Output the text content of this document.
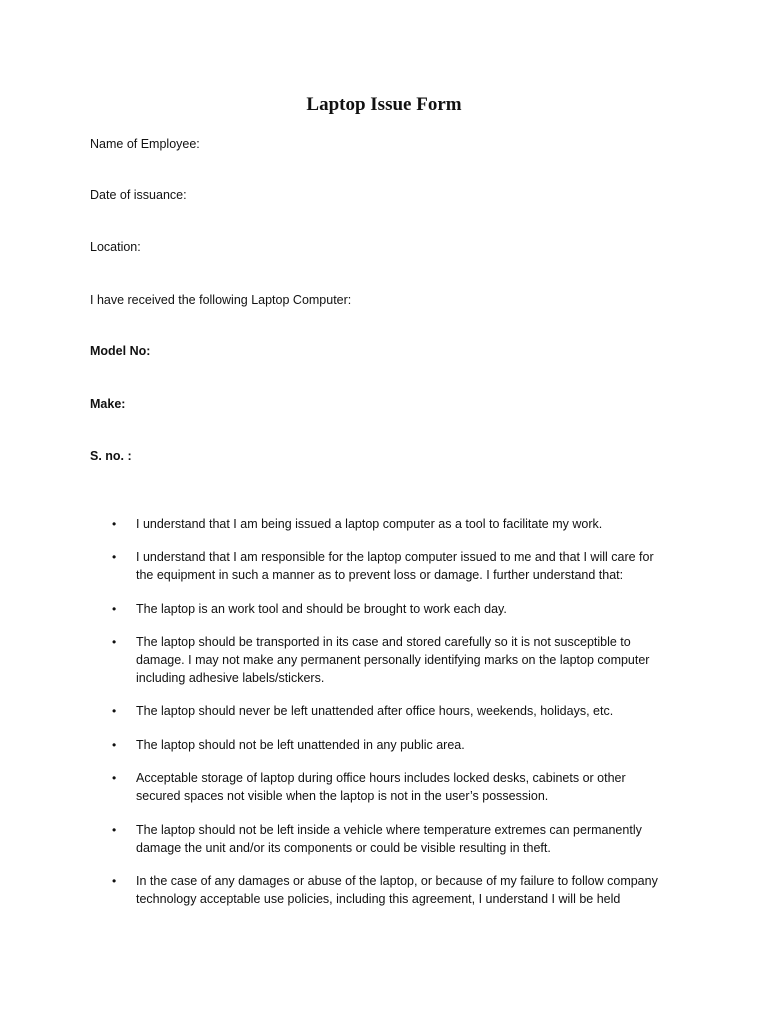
Laptop Issue Form
Name of Employee:
Date of issuance:
Location:
I have received the following Laptop Computer:
Model No:
Make:
S. no. :
•	I understand that I am being issued a laptop computer as a tool to facilitate my work.
•	I understand that I am responsible for the laptop computer issued to me and that I will care for the equipment in such a manner as to prevent loss or damage. I further understand that:
•	The laptop is an work tool and should be brought to work each day.
•	The laptop should be transported in its case and stored carefully so it is not susceptible to damage. I may not make any permanent personally identifying marks on the laptop computer including adhesive labels/stickers.
•	The laptop should never be left unattended after office hours, weekends, holidays, etc.
•	The laptop should not be left unattended in any public area.
•	Acceptable storage of laptop during office hours includes locked desks, cabinets or other secured spaces not visible when the laptop is not in the user’s possession.
•	The laptop should not be left inside a vehicle where temperature extremes can permanently damage the unit and/or its components or could be visible resulting in theft.
•	In the case of any damages or abuse of the laptop, or because of my failure to follow company technology acceptable use policies, including this agreement, I understand I will be held
